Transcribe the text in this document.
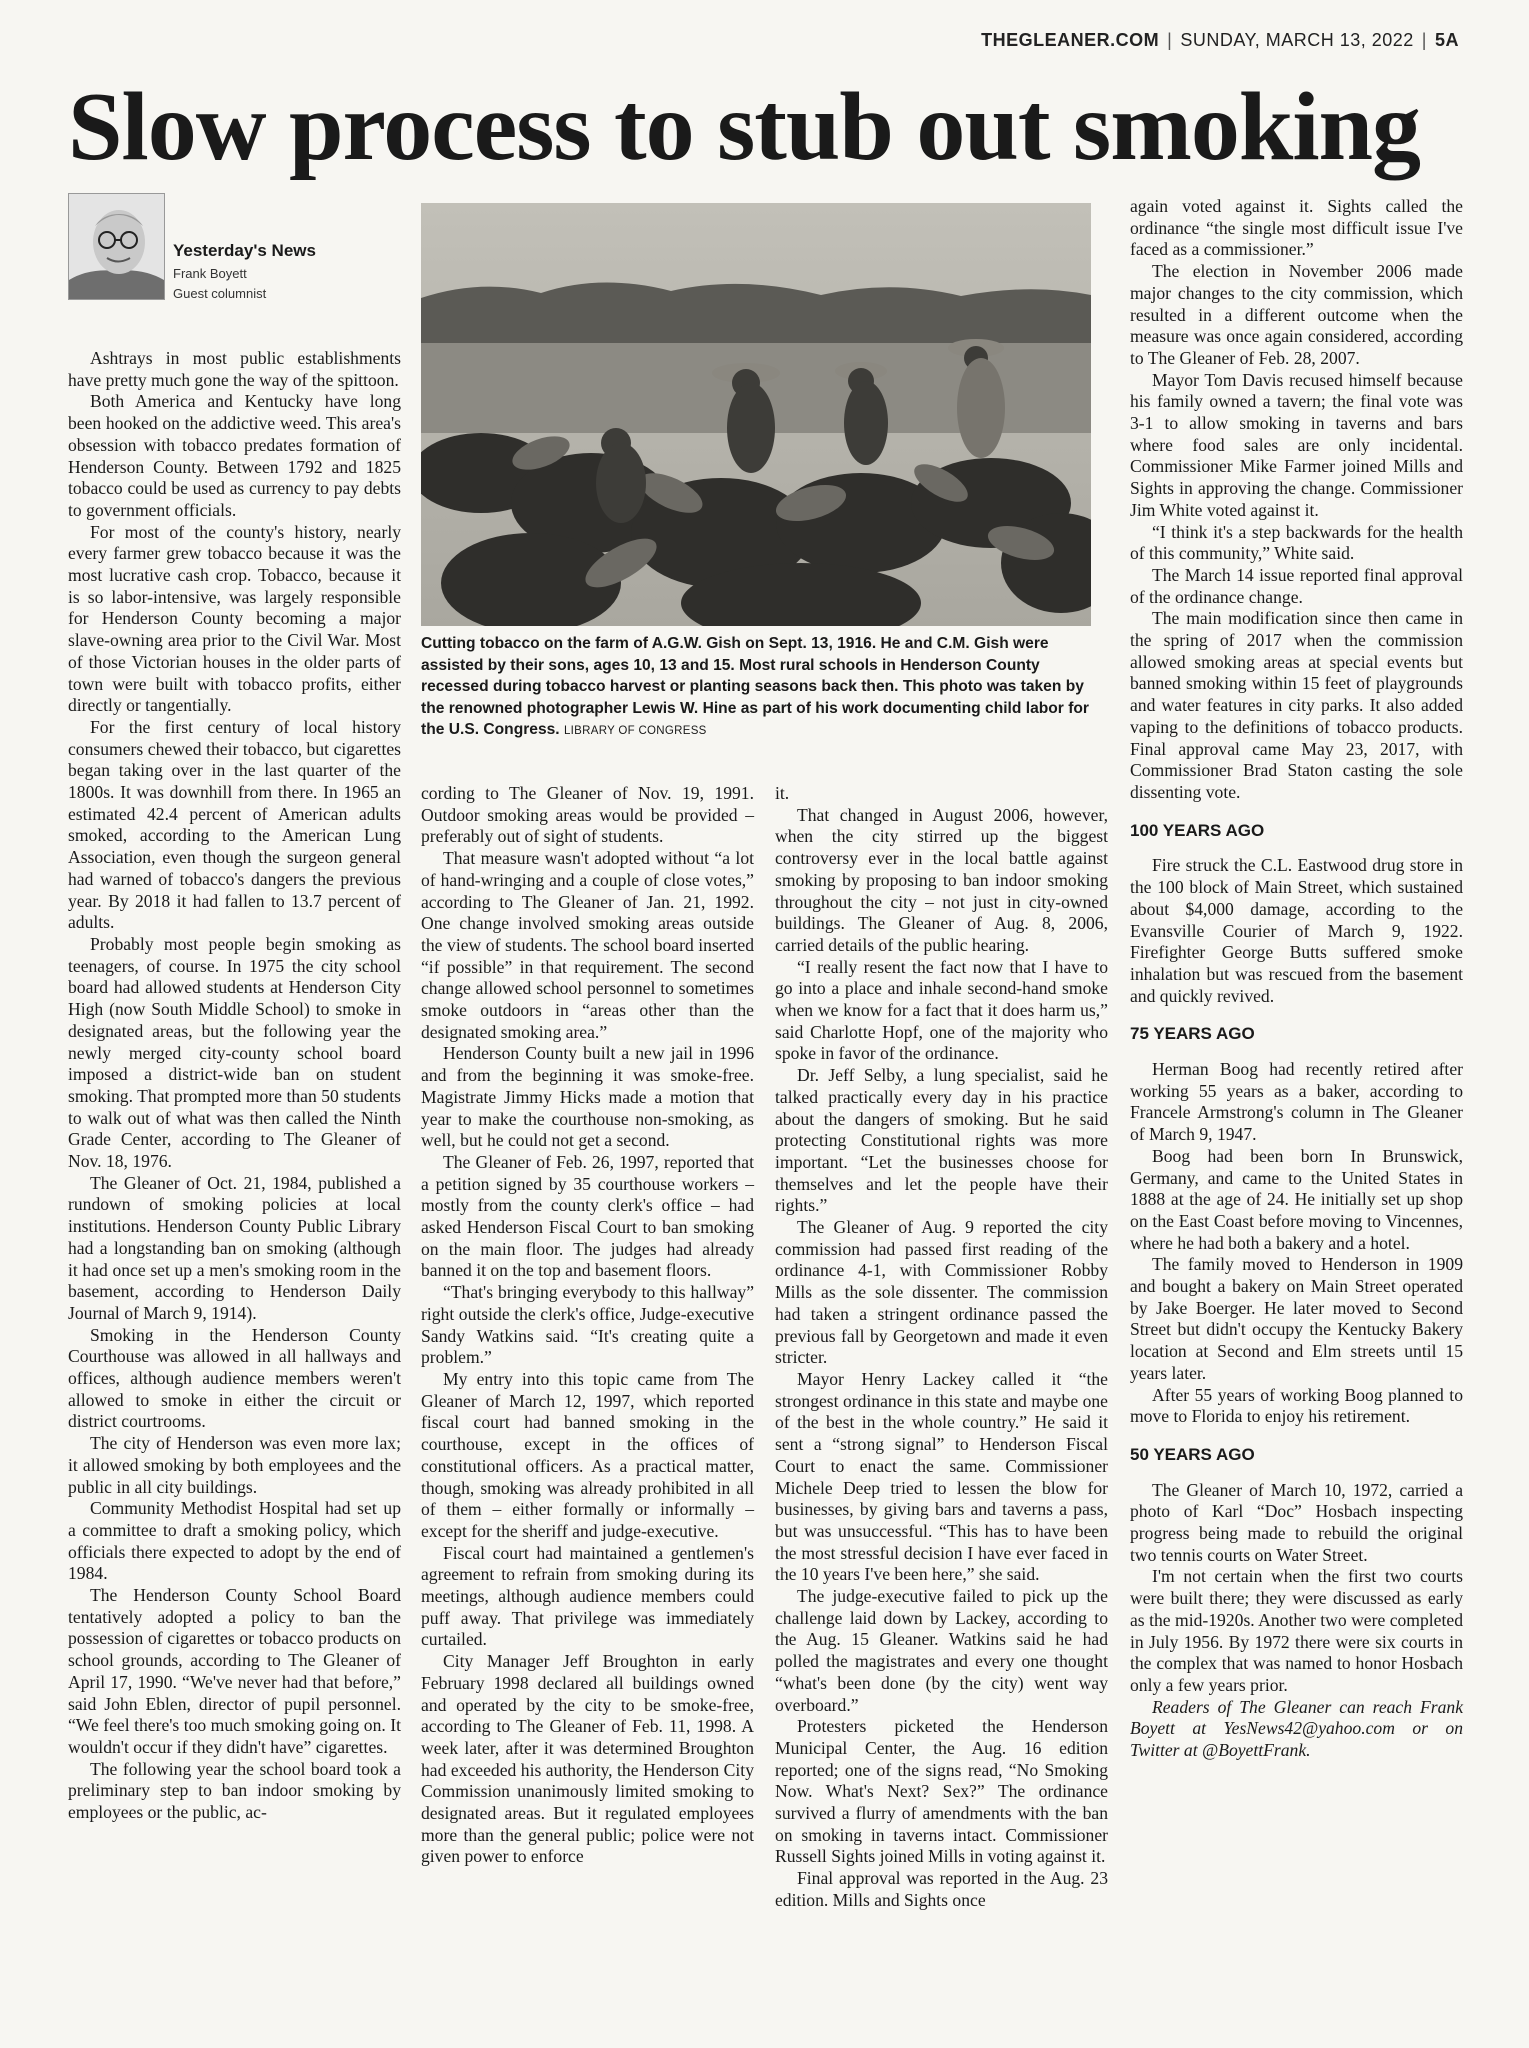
THEGLEANER.COM | SUNDAY, MARCH 13, 2022 | 5A
Slow process to stub out smoking
Yesterday's News
Frank Boyett
Guest columnist
Cutting tobacco on the farm of A.G.W. Gish on Sept. 13, 1916. He and C.M. Gish were assisted by their sons, ages 10, 13 and 15. Most rural schools in Henderson County recessed during tobacco harvest or planting seasons back then. This photo was taken by the renowned photographer Lewis W. Hine as part of his work documenting child labor for the U.S. Congress. LIBRARY OF CONGRESS

Ashtrays in most public establishments have pretty much gone the way of the spittoon.

Both America and Kentucky have long been hooked on the addictive weed. This area's obsession with tobacco predates formation of Henderson County. Between 1792 and 1825 tobacco could be used as currency to pay debts to government officials.

For most of the county's history, nearly every farmer grew tobacco because it was the most lucrative cash crop. Tobacco, because it is so labor-intensive, was largely responsible for Henderson County becoming a major slave-owning area prior to the Civil War. Most of those Victorian houses in the older parts of town were built with tobacco profits, either directly or tangentially.

For the first century of local history consumers chewed their tobacco, but cigarettes began taking over in the last quarter of the 1800s. It was downhill from there. In 1965 an estimated 42.4 percent of American adults smoked, according to the American Lung Association, even though the surgeon general had warned of tobacco's dangers the previous year. By 2018 it had fallen to 13.7 percent of adults.

Probably most people begin smoking as teenagers, of course. In 1975 the city school board had allowed students at Henderson City High (now South Middle School) to smoke in designated areas, but the following year the newly merged city-county school board imposed a district-wide ban on student smoking. That prompted more than 50 students to walk out of what was then called the Ninth Grade Center, according to The Gleaner of Nov. 18, 1976.

The Gleaner of Oct. 21, 1984, published a rundown of smoking policies at local institutions. Henderson County Public Library had a longstanding ban on smoking (although it had once set up a men's smoking room in the basement, according to Henderson Daily Journal of March 9, 1914).

Smoking in the Henderson County Courthouse was allowed in all hallways and offices, although audience members weren't allowed to smoke in either the circuit or district courtrooms.

The city of Henderson was even more lax; it allowed smoking by both employees and the public in all city buildings.

Community Methodist Hospital had set up a committee to draft a smoking policy, which officials there expected to adopt by the end of 1984.

The Henderson County School Board tentatively adopted a policy to ban the possession of cigarettes or tobacco products on school grounds, according to The Gleaner of April 17, 1990. “We've never had that before,” said John Eblen, director of pupil personnel. “We feel there's too much smoking going on. It wouldn't occur if they didn't have” cigarettes.

The following year the school board took a preliminary step to ban indoor smoking by employees or the public, ac-

cording to The Gleaner of Nov. 19, 1991. Outdoor smoking areas would be provided – preferably out of sight of students.

That measure wasn't adopted without “a lot of hand-wringing and a couple of close votes,” according to The Gleaner of Jan. 21, 1992. One change involved smoking areas outside the view of students. The school board inserted “if possible” in that requirement. The second change allowed school personnel to sometimes smoke outdoors in “areas other than the designated smoking area.”

Henderson County built a new jail in 1996 and from the beginning it was smoke-free. Magistrate Jimmy Hicks made a motion that year to make the courthouse non-smoking, as well, but he could not get a second.

The Gleaner of Feb. 26, 1997, reported that a petition signed by 35 courthouse workers – mostly from the county clerk's office – had asked Henderson Fiscal Court to ban smoking on the main floor. The judges had already banned it on the top and basement floors.

“That's bringing everybody to this hallway” right outside the clerk's office, Judge-executive Sandy Watkins said. “It's creating quite a problem.”

My entry into this topic came from The Gleaner of March 12, 1997, which reported fiscal court had banned smoking in the courthouse, except in the offices of constitutional officers. As a practical matter, though, smoking was already prohibited in all of them – either formally or informally – except for the sheriff and judge-executive.

Fiscal court had maintained a gentlemen's agreement to refrain from smoking during its meetings, although audience members could puff away. That privilege was immediately curtailed.

City Manager Jeff Broughton in early February 1998 declared all buildings owned and operated by the city to be smoke-free, according to The Gleaner of Feb. 11, 1998. A week later, after it was determined Broughton had exceeded his authority, the Henderson City Commission unanimously limited smoking to designated areas. But it regulated employees more than the general public; police were not given power to enforce

it.

That changed in August 2006, however, when the city stirred up the biggest controversy ever in the local battle against smoking by proposing to ban indoor smoking throughout the city – not just in city-owned buildings. The Gleaner of Aug. 8, 2006, carried details of the public hearing.

“I really resent the fact now that I have to go into a place and inhale second-hand smoke when we know for a fact that it does harm us,” said Charlotte Hopf, one of the majority who spoke in favor of the ordinance.

Dr. Jeff Selby, a lung specialist, said he talked practically every day in his practice about the dangers of smoking. But he said protecting Constitutional rights was more important. “Let the businesses choose for themselves and let the people have their rights.”

The Gleaner of Aug. 9 reported the city commission had passed first reading of the ordinance 4-1, with Commissioner Robby Mills as the sole dissenter. The commission had taken a stringent ordinance passed the previous fall by Georgetown and made it even stricter.

Mayor Henry Lackey called it “the strongest ordinance in this state and maybe one of the best in the whole country.” He said it sent a “strong signal” to Henderson Fiscal Court to enact the same. Commissioner Michele Deep tried to lessen the blow for businesses, by giving bars and taverns a pass, but was unsuccessful. “This has to have been the most stressful decision I have ever faced in the 10 years I've been here,” she said.

The judge-executive failed to pick up the challenge laid down by Lackey, according to the Aug. 15 Gleaner. Watkins said he had polled the magistrates and every one thought “what's been done (by the city) went way overboard.”

Protesters picketed the Henderson Municipal Center, the Aug. 16 edition reported; one of the signs read, “No Smoking Now. What's Next? Sex?” The ordinance survived a flurry of amendments with the ban on smoking in taverns intact. Commissioner Russell Sights joined Mills in voting against it.

Final approval was reported in the Aug. 23 edition. Mills and Sights once

again voted against it. Sights called the ordinance “the single most difficult issue I've faced as a commissioner.”

The election in November 2006 made major changes to the city commission, which resulted in a different outcome when the measure was once again considered, according to The Gleaner of Feb. 28, 2007.

Mayor Tom Davis recused himself because his family owned a tavern; the final vote was 3-1 to allow smoking in taverns and bars where food sales are only incidental. Commissioner Mike Farmer joined Mills and Sights in approving the change. Commissioner Jim White voted against it.

“I think it's a step backwards for the health of this community,” White said.

The March 14 issue reported final approval of the ordinance change.

The main modification since then came in the spring of 2017 when the commission allowed smoking areas at special events but banned smoking within 15 feet of playgrounds and water features in city parks. It also added vaping to the definitions of tobacco products. Final approval came May 23, 2017, with Commissioner Brad Staton casting the sole dissenting vote.

100 YEARS AGO

Fire struck the C.L. Eastwood drug store in the 100 block of Main Street, which sustained about $4,000 damage, according to the Evansville Courier of March 9, 1922. Firefighter George Butts suffered smoke inhalation but was rescued from the basement and quickly revived.

75 YEARS AGO

Herman Boog had recently retired after working 55 years as a baker, according to Francele Armstrong's column in The Gleaner of March 9, 1947.

Boog had been born In Brunswick, Germany, and came to the United States in 1888 at the age of 24. He initially set up shop on the East Coast before moving to Vincennes, where he had both a bakery and a hotel.

The family moved to Henderson in 1909 and bought a bakery on Main Street operated by Jake Boerger. He later moved to Second Street but didn't occupy the Kentucky Bakery location at Second and Elm streets until 15 years later.

After 55 years of working Boog planned to move to Florida to enjoy his retirement.

50 YEARS AGO

The Gleaner of March 10, 1972, carried a photo of Karl “Doc” Hosbach inspecting progress being made to rebuild the original two tennis courts on Water Street.

I'm not certain when the first two courts were built there; they were discussed as early as the mid-1920s. Another two were completed in July 1956. By 1972 there were six courts in the complex that was named to honor Hosbach only a few years prior.

Readers of The Gleaner can reach Frank Boyett at YesNews42@yahoo.com or on Twitter at @BoyettFrank.
